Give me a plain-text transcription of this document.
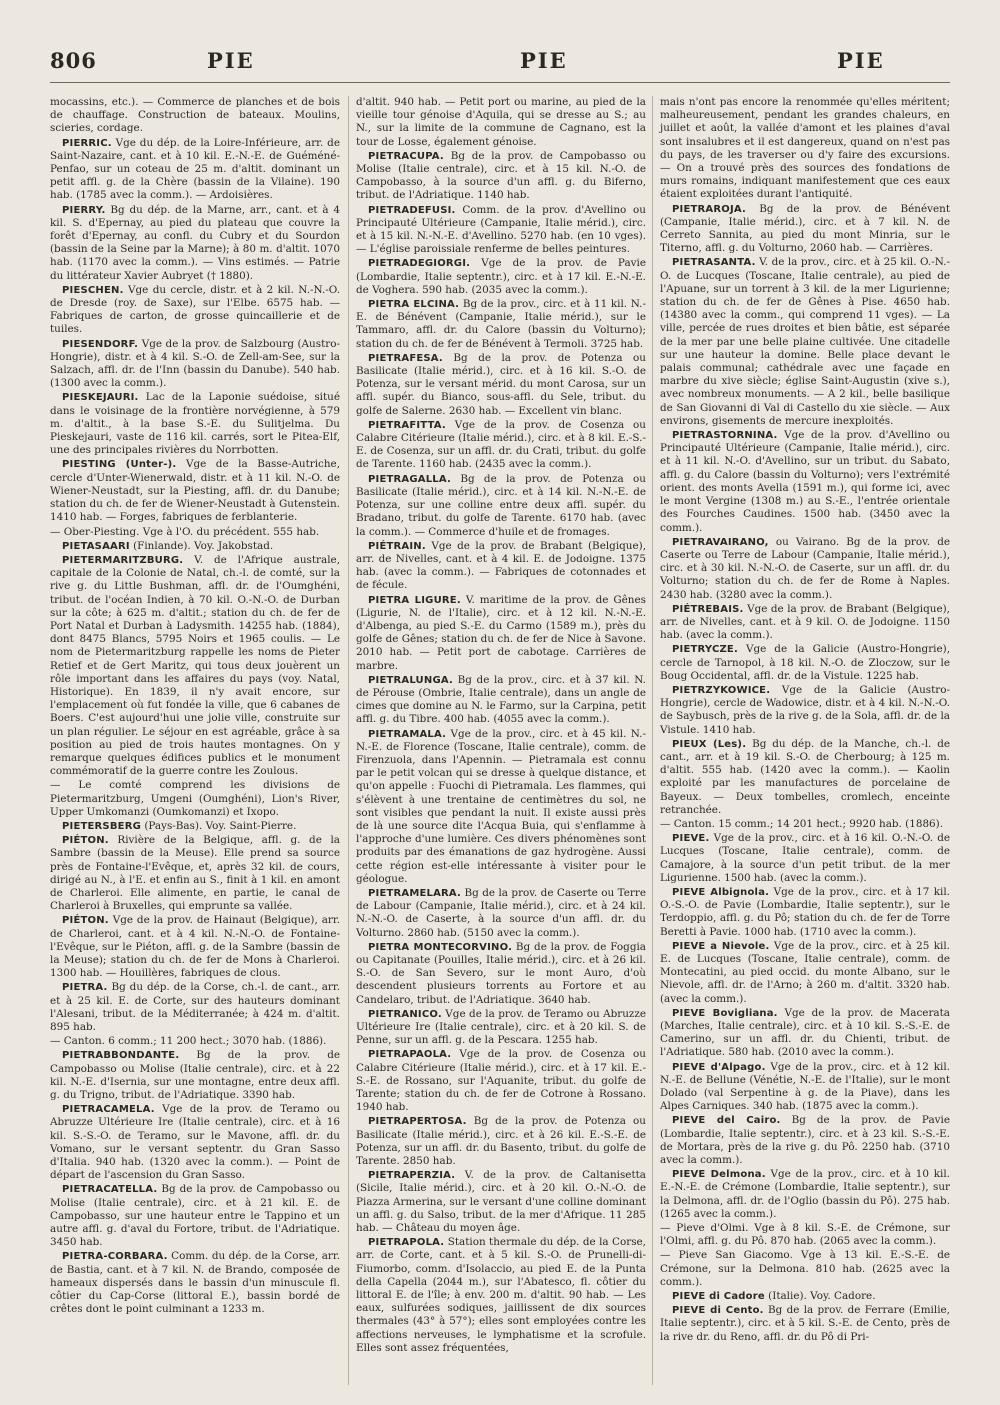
806	PIE	PIE	PIE

mocassins, etc.). — Commerce de planches et de bois de chauffage. Construction de bateaux. Moulins, scieries, cordage.

PIERRIC. Vge du dép. de la Loire-Inférieure, arr. de Saint-Nazaire, cant. et à 10 kil. E.-N.-E. de Guéméné-Penfao, sur un coteau de 25 m. d'altit. dominant un petit affl. g. de la Chère (bassin de la Vilaine). 190 hab. (1785 avec la comm.). — Ardoisières.

PIERRY. Bg du dép. de la Marne, arr., cant. et à 4 kil. S. d'Epernay, au pied du plateau que couvre la forêt d'Epernay, au confl. du Cubry et du Sourdon (bassin de la Seine par la Marne); à 80 m. d'altit. 1070 hab. (1170 avec la comm.). — Vins estimés. — Patrie du littérateur Xavier Aubryet († 1880).

PIESCHEN. Vge du cercle, distr. et à 2 kil. N.-N.-O. de Dresde (roy. de Saxe), sur l'Elbe. 6575 hab. — Fabriques de carton, de grosse quincaillerie et de tuiles.

PIESENDORF. Vge de la prov. de Salzbourg (Austro-Hongrie), distr. et à 4 kil. S.-O. de Zell-am-See, sur la Salzach, affl. dr. de l'Inn (bassin du Danube). 540 hab. (1300 avec la comm.).

PIESKEJAURI. Lac de la Laponie suédoise, situé dans le voisinage de la frontière norvégienne, à 579 m. d'altit., à la base S.-E. du Sulitjelma. Du Pieskejauri, vaste de 116 kil. carrés, sort le Pitea-Elf, une des principales rivières du Norrbotten.

PIESTING (Unter-). Vge de la Basse-Autriche, cercle d'Unter-Wienerwald, distr. et à 11 kil. N.-O. de Wiener-Neustadt, sur la Piesting, affl. dr. du Danube; station du ch. de fer de Wiener-Neustadt à Gutenstein. 1410 hab. — Forges, fabriques de ferblanterie.

— Ober-Piesting. Vge à l'O. du précédent. 555 hab.

PIETASAARI (Finlande). Voy. Jakobstad.

PIETERMARITZBURG. V. de l'Afrique australe, capitale de la Colonie de Natal, ch.-l. de comté, sur la rive g. du Little Bushman, affl. dr. de l'Oumghéni, tribut. de l'océan Indien, à 70 kil. O.-N.-O. de Durban sur la côte; à 625 m. d'altit.; station du ch. de fer de Port Natal et Durban à Ladysmith. 14255 hab. (1884), dont 8475 Blancs, 5795 Noirs et 1965 coulis. — Le nom de Pietermaritzburg rappelle les noms de Pieter Retief et de Gert Maritz, qui tous deux jouèrent un rôle important dans les affaires du pays (voy. Natal, Historique). En 1839, il n'y avait encore, sur l'emplacement où fut fondée la ville, que 6 cabanes de Boers. C'est aujourd'hui une jolie ville, construite sur un plan régulier. Le séjour en est agréable, grâce à sa position au pied de trois hautes montagnes. On y remarque quelques édifices publics et le monument commémoratif de la guerre contre les Zoulous.

— Le comté comprend les divisions de Pietermaritzburg, Umgeni (Oumghéni), Lion's River, Upper Umkomanzi (Oumkomanzi) et Ixopo.

PIETERSBERG (Pays-Bas). Voy. Saint-Pierre.

PIÉTON. Rivière de la Belgique, affl. g. de la Sambre (bassin de la Meuse). Elle prend sa source près de Fontaine-l'Evêque, et, après 32 kil. de cours, dirigé au N., à l'E. et enfin au S., finit à 1 kil. en amont de Charleroi. Elle alimente, en partie, le canal de Charleroi à Bruxelles, qui emprunte sa vallée.

PIÉTON. Vge de la prov. de Hainaut (Belgique), arr. de Charleroi, cant. et à 4 kil. N.-N.-O. de Fontaine-l'Evêque, sur le Piéton, affl. g. de la Sambre (bassin de la Meuse); station du ch. de fer de Mons à Charleroi. 1300 hab. — Houillères, fabriques de clous.

PIETRA. Bg du dép. de la Corse, ch.-l. de cant., arr. et à 25 kil. E. de Corte, sur des hauteurs dominant l'Alesani, tribut. de la Méditerranée; à 424 m. d'altit. 895 hab.

— Canton. 6 comm.; 11 200 hect.; 3070 hab. (1886).

PIETRABBONDANTE. Bg de la prov. de Campobasso ou Molise (Italie centrale), circ. et à 22 kil. N.-E. d'Isernia, sur une montagne, entre deux affl. g. du Trigno, tribut. de l'Adriatique. 3390 hab.

PIETRACAMELA. Vge de la prov. de Teramo ou Abruzze Ultérieure Ire (Italie centrale), circ. et à 16 kil. S.-S.-O. de Teramo, sur le Mavone, affl. dr. du Vomano, sur le versant septentr. du Gran Sasso d'Italia. 940 hab. (1320 avec la comm.). — Point de départ de l'ascension du Gran Sasso.

PIETRACATELLA. Bg de la prov. de Campobasso ou Molise (Italie centrale), circ. et à 21 kil. E. de Campobasso, sur une hauteur entre le Tappino et un autre affl. g. d'aval du Fortore, tribut. de l'Adriatique. 3450 hab.

PIETRA-CORBARA. Comm. du dép. de la Corse, arr. de Bastia, cant. et à 7 kil. N. de Brando, composée de hameaux dispersés dans le bassin d'un minuscule fl. côtier du Cap-Corse (littoral E.), bassin bordé de crêtes dont le point culminant a 1233 m.

d'altit. 940 hab. — Petit port ou marine, au pied de la vieille tour génoise d'Aquila, qui se dresse au S.; au N., sur la limite de la commune de Cagnano, est la tour de Losse, également génoise.

PIETRACUPA. Bg de la prov. de Campobasso ou Molise (Italie centrale), circ. et à 15 kil. N.-O. de Campobasso, à la source d'un affl. g. du Biferno, tribut. de l'Adriatique. 1140 hab.

PIETRADEFUSI. Comm. de la prov. d'Avellino ou Principauté Ultérieure (Campanie, Italie mérid.), circ. et à 15 kil. N.-N.-E. d'Avellino. 5270 hab. (en 10 vges). — L'église paroissiale renferme de belles peintures.

PIETRADEGIORGI. Vge de la prov. de Pavie (Lombardie, Italie septentr.), circ. et à 17 kil. E.-N.-E. de Voghera. 590 hab. (2035 avec la comm.).

PIETRA ELCINA. Bg de la prov., circ. et à 11 kil. N.-E. de Bénévent (Campanie, Italie mérid.), sur le Tammaro, affl. dr. du Calore (bassin du Volturno); station du ch. de fer de Bénévent à Termoli. 3725 hab.

PIETRAFESA. Bg de la prov. de Potenza ou Basilicate (Italie mérid.), circ. et à 16 kil. S.-O. de Potenza, sur le versant mérid. du mont Carosa, sur un affl. supér. du Bianco, sous-affl. du Sele, tribut. du golfe de Salerne. 2630 hab. — Excellent vin blanc.

PIETRAFITTA. Vge de la prov. de Cosenza ou Calabre Citérieure (Italie mérid.), circ. et à 8 kil. E.-S.-E. de Cosenza, sur un affl. dr. du Crati, tribut. du golfe de Tarente. 1160 hab. (2435 avec la comm.).

PIETRAGALLA. Bg de la prov. de Potenza ou Basilicate (Italie mérid.), circ. et à 14 kil. N.-N.-E. de Potenza, sur une colline entre deux affl. supér. du Bradano, tribut. du golfe de Tarente. 6170 hab. (avec la comm.). — Commerce d'huile et de fromages.

PIÉTRAIN. Vge de la prov. de Brabant (Belgique), arr. de Nivelles, cant. et à 4 kil. E. de Jodoigne. 1375 hab. (avec la comm.). — Fabriques de cotonnades et de fécule.

PIETRA LIGURE. V. maritime de la prov. de Gênes (Ligurie, N. de l'Italie), circ. et à 12 kil. N.-N.-E. d'Albenga, au pied S.-E. du Carmo (1589 m.), près du golfe de Gênes; station du ch. de fer de Nice à Savone. 2010 hab. — Petit port de cabotage. Carrières de marbre.

PIETRALUNGA. Bg de la prov., circ. et à 37 kil. N. de Pérouse (Ombrie, Italie centrale), dans un angle de cimes que domine au N. le Farmo, sur la Carpina, petit affl. g. du Tibre. 400 hab. (4055 avec la comm.).

PIETRAMALA. Vge de la prov., circ. et à 45 kil. N.-N.-E. de Florence (Toscane, Italie centrale), comm. de Firenzuola, dans l'Apennin. — Pietramala est connu par le petit volcan qui se dresse à quelque distance, et qu'on appelle : Fuochi di Pietramala. Les flammes, qui s'élèvent à une trentaine de centimètres du sol, ne sont visibles que pendant la nuit. Il existe aussi près de là une source dite l'Acqua Buia, qui s'enflamme à l'approche d'une lumière. Ces divers phénomènes sont produits par des émanations de gaz hydrogène. Aussi cette région est-elle intéressante à visiter pour le géologue.

PIETRAMELARA. Bg de la prov. de Caserte ou Terre de Labour (Campanie, Italie mérid.), circ. et à 24 kil. N.-N.-O. de Caserte, à la source d'un affl. dr. du Volturno. 2860 hab. (5150 avec la comm.).

PIETRA MONTECORVINO. Bg de la prov. de Foggia ou Capitanate (Pouilles, Italie mérid.), circ. et à 26 kil. S.-O. de San Severo, sur le mont Auro, d'où descendent plusieurs torrents au Fortore et au Candelaro, tribut. de l'Adriatique. 3640 hab.

PIETRANICO. Vge de la prov. de Teramo ou Abruzze Ultérieure Ire (Italie centrale), circ. et à 20 kil. S. de Penne, sur un affl. g. de la Pescara. 1255 hab.

PIETRAPAOLA. Vge de la prov. de Cosenza ou Calabre Citérieure (Italie mérid.), circ. et à 17 kil. E.-S.-E. de Rossano, sur l'Aquanite, tribut. du golfe de Tarente; station du ch. de fer de Cotrone à Rossano. 1940 hab.

PIETRAPERTOSA. Bg de la prov. de Potenza ou Basilicate (Italie mérid.), circ. et à 26 kil. E.-S.-E. de Potenza, sur un affl. dr. du Basento, tribut. du golfe de Tarente. 2850 hab.

PIETRAPERZIA. V. de la prov. de Caltanisetta (Sicile, Italie mérid.), circ. et à 20 kil. O.-N.-O. de Piazza Armerina, sur le versant d'une colline dominant un affl. g. du Salso, tribut. de la mer d'Afrique. 11 285 hab. — Château du moyen âge.

PIETRAPOLA. Station thermale du dép. de la Corse, arr. de Corte, cant. et à 5 kil. S.-O. de Prunelli-di-Fiumorbo, comm. d'Isolaccio, au pied E. de la Punta della Capella (2044 m.), sur l'Abatesco, fl. côtier du littoral E. de l'île; à env. 200 m. d'altit. 90 hab. — Les eaux, sulfurées sodiques, jaillissent de dix sources thermales (43° à 57°); elles sont employées contre les affections nerveuses, le lymphatisme et la scrofule. Elles sont assez fréquentées,

mais n'ont pas encore la renommée qu'elles méritent; malheureusement, pendant les grandes chaleurs, en juillet et août, la vallée d'amont et les plaines d'aval sont insalubres et il est dangereux, quand on n'est pas du pays, de les traverser ou d'y faire des excursions. — On a trouvé près des sources des fondations de murs romains, indiquant manifestement que ces eaux étaient exploitées durant l'antiquité.

PIETRAROJA. Bg de la prov. de Bénévent (Campanie, Italie mérid.), circ. et à 7 kil. N. de Cerreto Sannita, au pied du mont Minria, sur le Titerno, affl. g. du Volturno, 2060 hab. — Carrières.

PIETRASANTA. V. de la prov., circ. et à 25 kil. O.-N.-O. de Lucques (Toscane, Italie centrale), au pied de l'Apuane, sur un torrent à 3 kil. de la mer Ligurienne; station du ch. de fer de Gênes à Pise. 4650 hab. (14380 avec la comm., qui comprend 11 vges). — La ville, percée de rues droites et bien bâtie, est séparée de la mer par une belle plaine cultivée. Une citadelle sur une hauteur la domine. Belle place devant le palais communal; cathédrale avec une façade en marbre du xive siècle; église Saint-Augustin (xive s.), avec nombreux monuments. — A 2 kil., belle basilique de San Giovanni di Val di Castello du xie siècle. — Aux environs, gisements de mercure inexploités.

PIETRASTORNINA. Vge de la prov. d'Avellino ou Principauté Ultérieure (Campanie, Italie mérid.), circ. et à 11 kil. N.-O. d'Avellino, sur un tribut. du Sabato, affl. g. du Calore (bassin du Volturno); vers l'extrémité orient. des monts Avella (1591 m.), qui forme ici, avec le mont Vergine (1308 m.) au S.-E., l'entrée orientale des Fourches Caudines. 1500 hab. (3450 avec la comm.).

PIETRAVAIRANO, ou Vairano. Bg de la prov. de Caserte ou Terre de Labour (Campanie, Italie mérid.), circ. et à 30 kil. N.-N.-O. de Caserte, sur un affl. dr. du Volturno; station du ch. de fer de Rome à Naples. 2430 hab. (3280 avec la comm.).

PIÉTREBAIS. Vge de la prov. de Brabant (Belgique), arr. de Nivelles, cant. et à 9 kil. O. de Jodoigne. 1150 hab. (avec la comm.).

PIETRYCZE. Vge de la Galicie (Austro-Hongrie), cercle de Tarnopol, à 18 kil. N.-O. de Zloczow, sur le Boug Occidental, affl. dr. de la Vistule. 1225 hab.

PIETRZYKOWICE. Vge de la Galicie (Austro-Hongrie), cercle de Wadowice, distr. et à 4 kil. N.-N.-O. de Saybusch, près de la rive g. de la Sola, affl. dr. de la Vistule. 1410 hab.

PIEUX (Les). Bg du dép. de la Manche, ch.-l. de cant., arr. et à 19 kil. S.-O. de Cherbourg; à 125 m. d'altit. 555 hab. (1420 avec la comm.). — Kaolin exploité par les manufactures de porcelaine de Bayeux. — Deux tombelles, cromlech, enceinte retranchée.

— Canton. 15 comm.; 14 201 hect.; 9920 hab. (1886).

PIEVE. Vge de la prov., circ. et à 16 kil. O.-N.-O. de Lucques (Toscane, Italie centrale), comm. de Camajore, à la source d'un petit tribut. de la mer Ligurienne. 1500 hab. (avec la comm.).

PIEVE Albignola. Vge de la prov., circ. et à 17 kil. O.-S.-O. de Pavie (Lombardie, Italie septentr.), sur le Terdoppio, affl. g. du Pô; station du ch. de fer de Torre Beretti à Pavie. 1000 hab. (1710 avec la comm.).

PIEVE a Nievole. Vge de la prov., circ. et à 25 kil. E. de Lucques (Toscane, Italie centrale), comm. de Montecatini, au pied occid. du monte Albano, sur le Nievole, affl. dr. de l'Arno; à 260 m. d'altit. 3320 hab. (avec la comm.).

PIEVE Bovigliana. Vge de la prov. de Macerata (Marches, Italie centrale), circ. et à 10 kil. S.-S.-E. de Camerino, sur un affl. dr. du Chienti, tribut. de l'Adriatique. 580 hab. (2010 avec la comm.).

PIEVE d'Alpago. Vge de la prov., circ. et à 12 kil. N.-E. de Bellune (Vénétie, N.-E. de l'Italie), sur le mont Dolado (val Serpentine à g. de la Piave), dans les Alpes Carniques. 340 hab. (1875 avec la comm.).

PIEVE del Cairo. Bg de la prov. de Pavie (Lombardie, Italie septentr.), circ. et à 23 kil. S.-S.-E. de Mortara, près de la rive g. du Pô. 2250 hab. (3710 avec la comm.).

PIEVE Delmona. Vge de la prov., circ. et à 10 kil. E.-N.-E. de Crémone (Lombardie, Italie septentr.), sur la Delmona, affl. dr. de l'Oglio (bassin du Pô). 275 hab. (1265 avec la comm.).

— Pieve d'Olmi. Vge à 8 kil. S.-E. de Crémone, sur l'Olmi, affl. g. du Pô. 870 hab. (2065 avec la comm.).

— Pieve San Giacomo. Vge à 13 kil. E.-S.-E. de Crémone, sur la Delmona. 810 hab. (2625 avec la comm.).

PIEVE di Cadore (Italie). Voy. Cadore.

PIEVE di Cento. Bg de la prov. de Ferrare (Emilie, Italie septentr.), circ. et à 5 kil. S.-E. de Cento, près de la rive dr. du Reno, affl. dr. du Pô di Pri-
